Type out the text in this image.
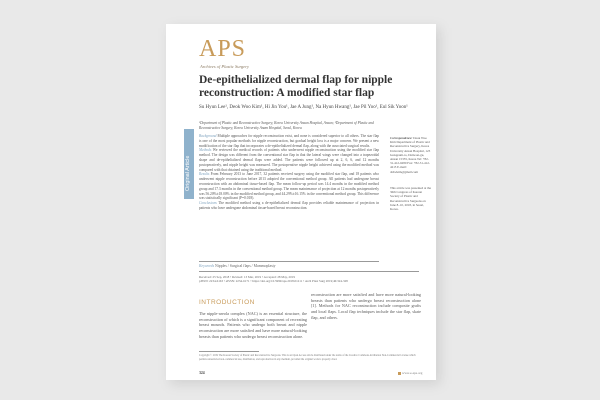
APS
Archives of Plastic Surgery
De-epithelialized dermal flap for nipple reconstruction: A modified star flap
Su Hyun Lee¹, Deok Woo Kim¹, Hi Jin You¹, Jae A Jung¹, Na Hyun Hwang¹, Jae Pil Yoo¹, Eul Sik Yoon¹
¹Department of Plastic and Reconstructive Surgery, Korea University Ansan Hospital, Ansan; ²Department of Plastic and Reconstructive Surgery, Korea University Anam Hospital, Seoul, Korea
Original Article

Background Multiple approaches for nipple reconstruction exist, and none is considered superior to all others. The star flap is one of the most popular methods for nipple reconstruction, but gradual height loss is a major concern. We present a new modification of the star flap that incorporates a de-epithelialized dermal flap, along with the associated surgical results.

Methods We reviewed the medical records of patients who underwent nipple reconstruction using the modified star flap method. The design was different from the conventional star flap in that the lateral wings were changed into a trapezoidal shape and de-epithelialized dermal flaps were added. The patients were followed up at 2, 6, 6, and 12 months postoperatively, and nipple height was measured. The postoperative nipple height achieved using the modified method was compared with that obtained using the traditional method.

Results From February 2013 to June 2017, 32 patients received surgery using the modified star flap, and 18 patients who underwent nipple reconstruction before 2013 adopted the conventional method group. All patients had undergone breast reconstruction with an abdominal tissue-based flap. The mean follow-up period was 14.4 months in the modified method group and 17.3 months in the conventional method group. The mean maintenance of projection at 12 months postoperatively was 56.20%±18.00% in the modified method group, and 44.29%±16.15% in the conventional method group. This difference was statistically significant (P=0.018).

Conclusions The modified method using a de-epithelialized dermal flap provides reliable maintenance of projection in patients who have undergone abdominal tissue-based breast reconstruction.

Correspondence: Deok Woo Kim Department of Plastic and Reconstructive Surgery, Korea University Ansan Hospital, 123 Jeokgeum-ro, Danwon-gu, Ansan 15355, Korea Tel: +82-31-412-6280 Fax: +82-31-412-4215 E-mail: drdwkim@gmail.com
This article was presented at the 36th Congress of Korean Society of Plastic and Reconstructive Surgeons on June 8–10, 2018, in Seoul, Korea.
Keywords Nipples / Surgical flaps / Mammoplasty
Received: 25 Sep, 2018 • Revised: 13 Mar, 2019 • Accepted: 28 May, 2019
pISSN: 2234-6163 • eISSN: 2234-6171 • https://doi.org/10.5999/aps.2018.01211 • Arch Plast Surg 2019;46:324-328
INTRODUCTION
The nipple-areola complex (NAC) is an essential structure, the reconstruction of which is a significant component of recreating breast mounds. Patients who undergo both breast and nipple reconstruction are more satisfied and have more natural-looking breasts than patients who undergo breast reconstruction alone.
reconstruction are more satisfied and have more natural-looking breasts than patients who undergo breast reconstruction alone [1]. Methods for NAC reconstruction include composite grafts and local flaps. Local flap techniques include the star flap, skate flap, and others.
Copyright © 2019 The Korean Society of Plastic and Reconstructive Surgeons. This is an Open Access article distributed under the terms of the Creative Commons Attribution Non-Commercial License which permits unrestricted non-commercial use, distribution, and reproduction in any medium, provided the original work is properly cited.
324	www.e-aps.org
